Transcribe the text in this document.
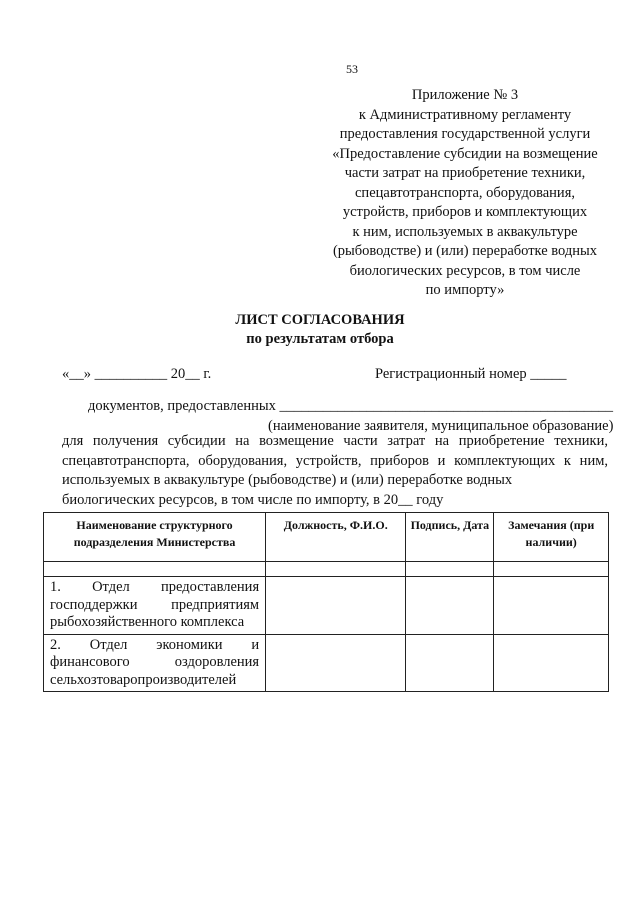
53
Приложение № 3
к Административному регламенту
предоставления государственной услуги
«Предоставление субсидии на возмещение
части затрат на приобретение техники,
спецавтотранспорта, оборудования,
устройств, приборов и комплектующих
к ним, используемых в аквакультуре
(рыбоводстве) и (или) переработке водных
биологических ресурсов, в том числе
по импорту»
ЛИСТ СОГЛАСОВАНИЯ
по результатам отбора
«__» __________ 20__ г.	Регистрационный номер _____
документов, предоставленных ______________________________________________
(наименование заявителя, муниципальное образование)
для получения субсидии на возмещение части затрат на приобретение техники, спецавтотранспорта, оборудования, устройств, приборов и комплектующих к ним, используемых в аквакультуре (рыбоводстве) и (или) переработке водных
биологических ресурсов, в том числе по импорту, в 20__ году
Наименование структурного подразделения Министерства	Должность, Ф.И.О.	Подпись, Дата	Замечания (при наличии)

1. Отдел предоставления господдержки предприятиям рыбохозяйственного комплекса			
2. Отдел экономики и финансового оздоровления сельхозтоваропроизводителей			
